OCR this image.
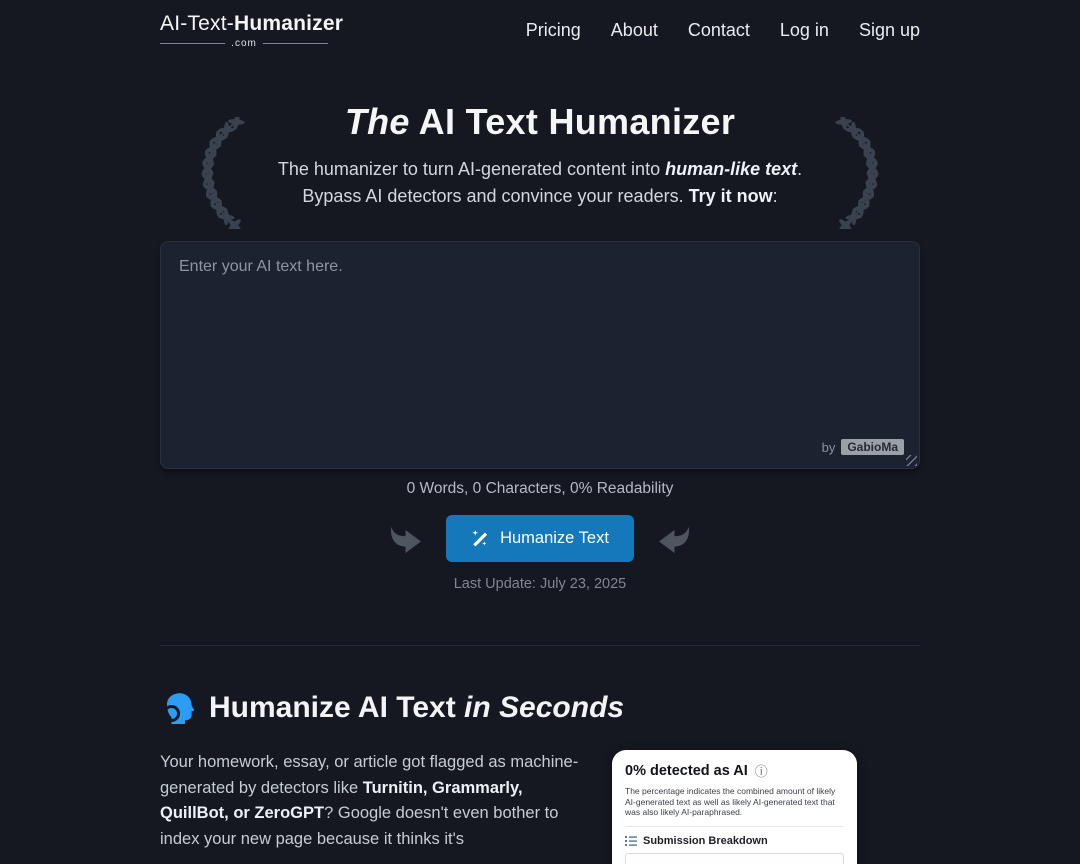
AI-Text-Humanizer
.com
Pricing About Contact Log in Sign up
The AI Text Humanizer
The humanizer to turn AI-generated content into human-like text.
Bypass AI detectors and convince your readers. Try it now:
Enter your AI text here.
by	GabioMa
0 Words, 0 Characters, 0% Readability
Humanize Text
Last Update: July 23, 2025
Humanize AI Text in Seconds
Your homework, essay, or article got flagged as machine-generated by detectors like Turnitin, Grammarly, QuillBot, or ZeroGPT? Google doesn't even bother to index your new page because it thinks it's
0% detected as AI ⓘ
The percentage indicates the combined amount of likely AI-generated text as well as likely AI-generated text that was also likely AI-paraphrased.
Submission Breakdown
